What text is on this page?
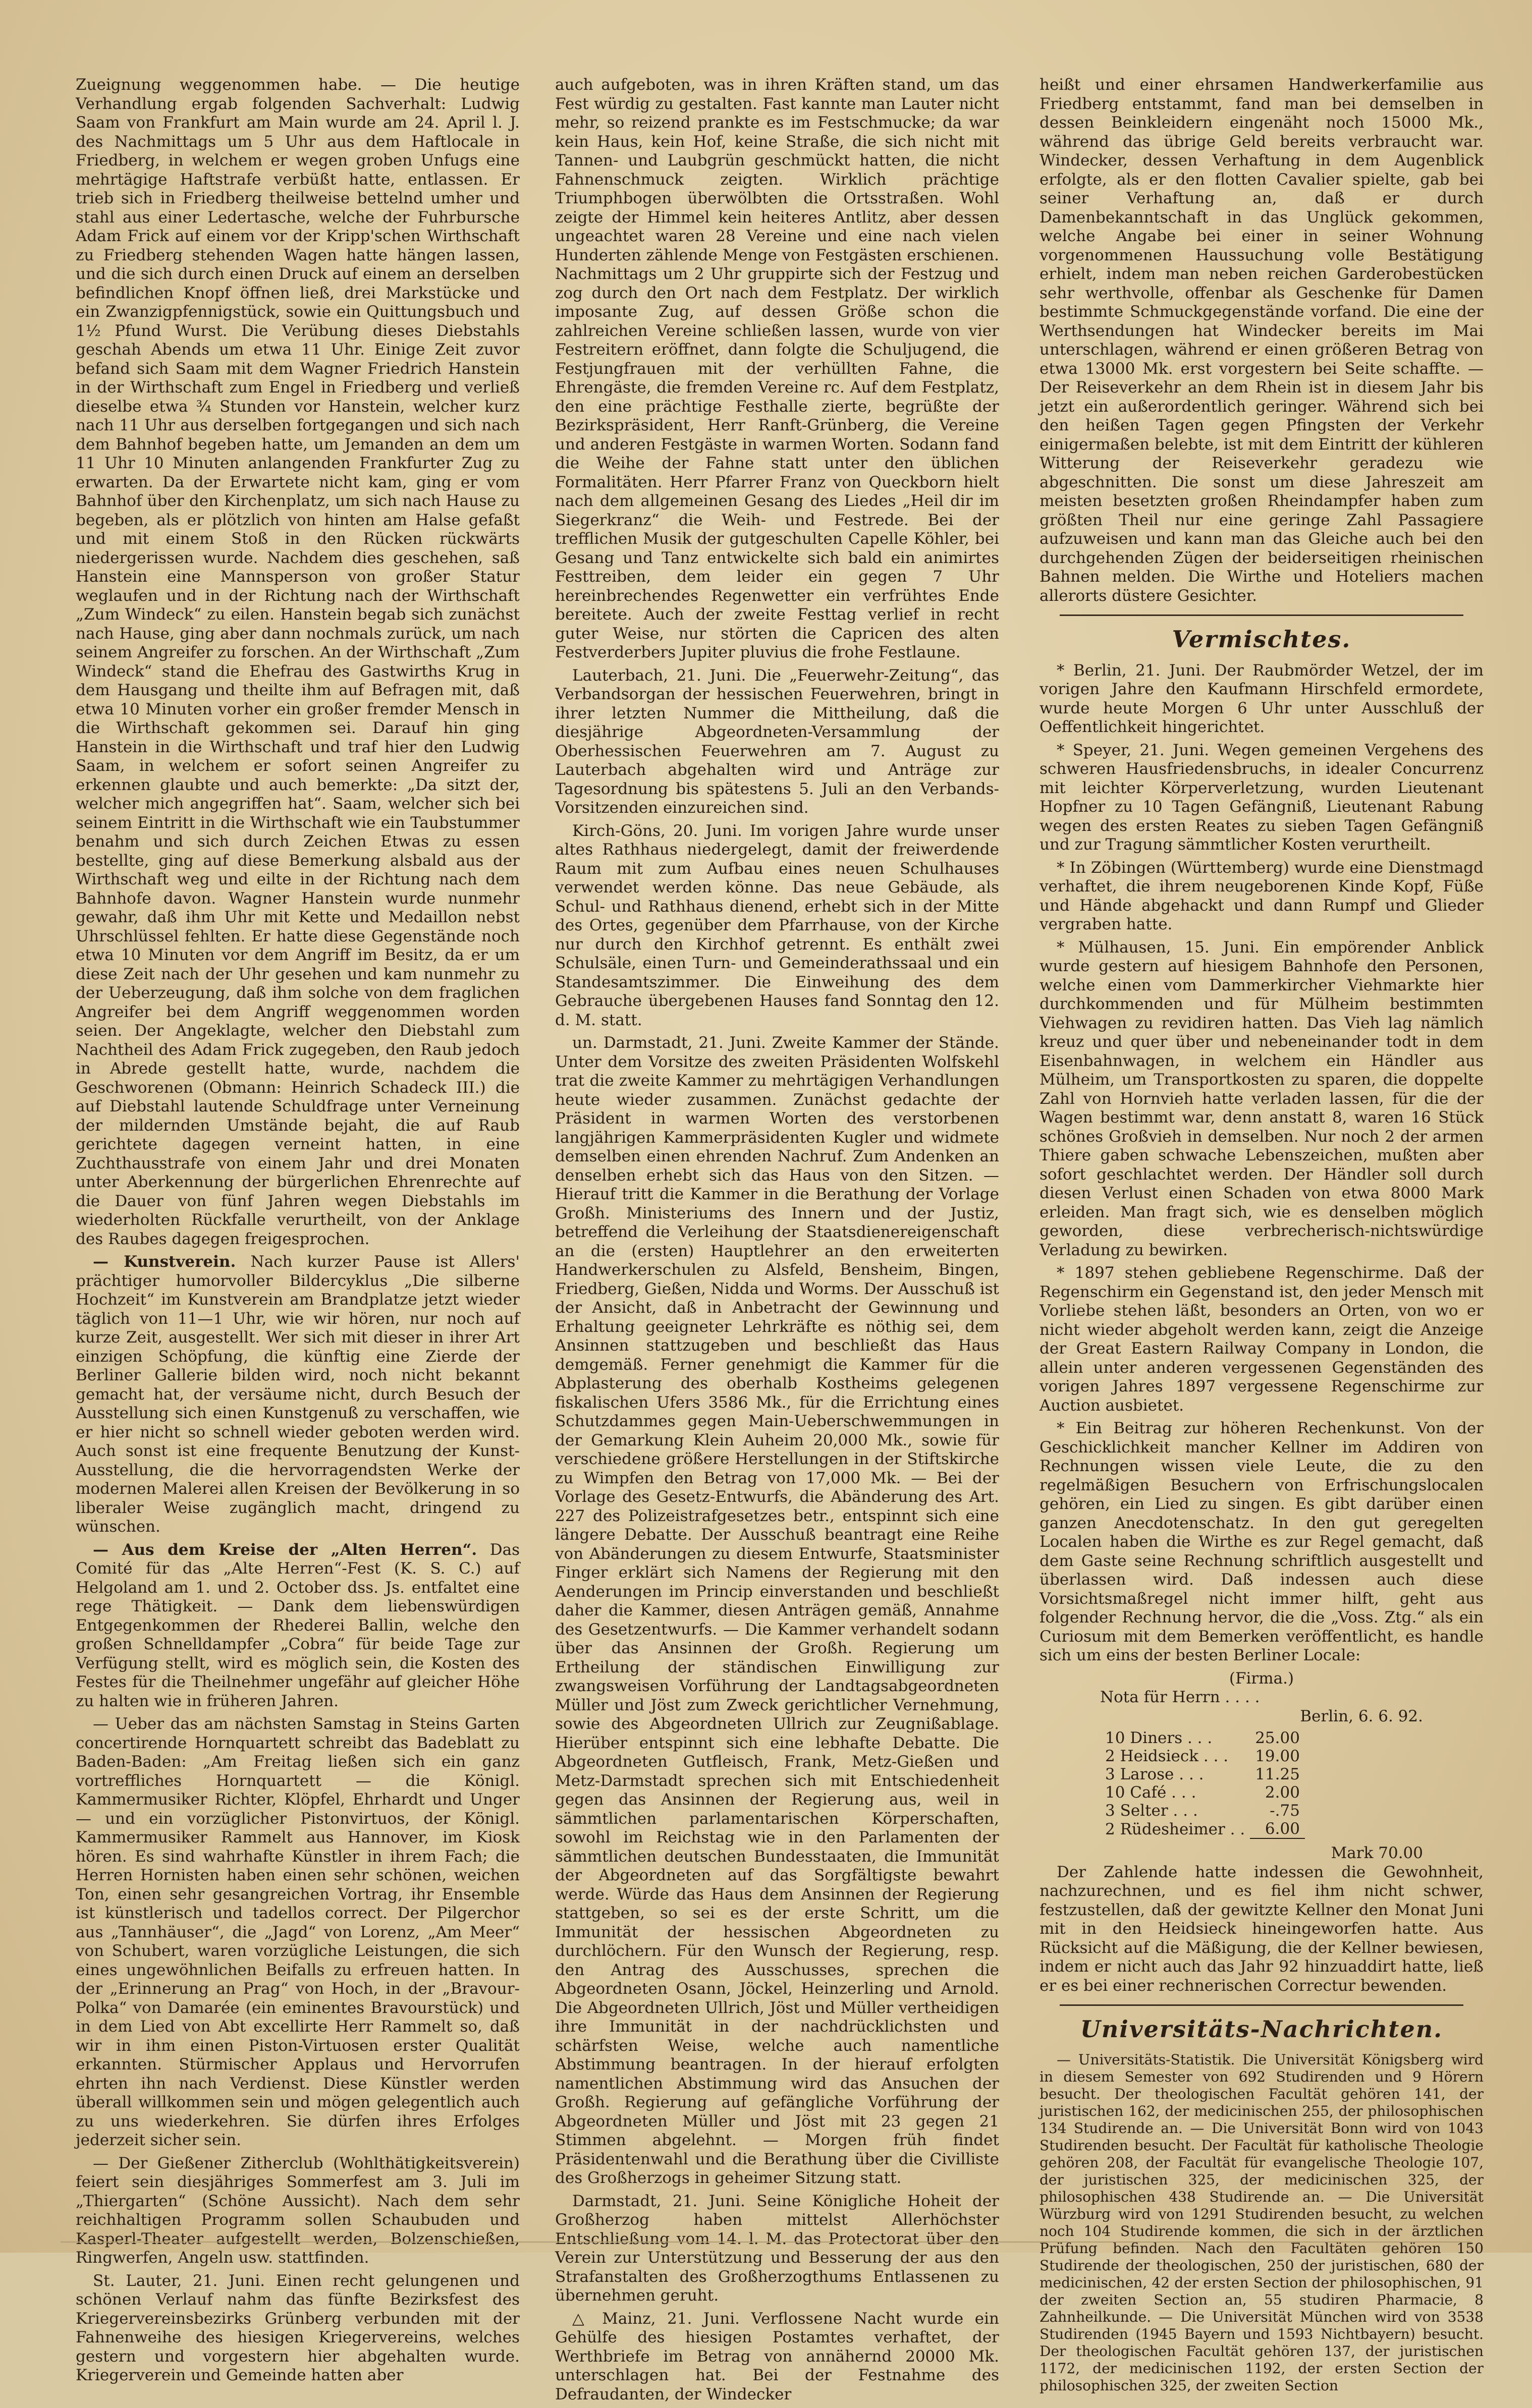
Zueignung weggenommen habe. — Die heutige Verhandlung ergab folgenden Sachverhalt: Ludwig Saam von Frankfurt am Main wurde am 24. April l. J. des Nachmittags um 5 Uhr aus dem Haftlocale in Friedberg, in welchem er wegen groben Unfugs eine mehrtägige Haftstrafe verbüßt hatte, entlassen. Er trieb sich in Friedberg theilweise bettelnd umher und stahl aus einer Ledertasche, welche der Fuhrbursche Adam Frick auf einem vor der Kripp'schen Wirthschaft zu Friedberg stehenden Wagen hatte hängen lassen, und die sich durch einen Druck auf einem an derselben befindlichen Knopf öffnen ließ, drei Markstücke und ein Zwanzigpfennigstück, sowie ein Quittungsbuch und 1½ Pfund Wurst. Die Verübung dieses Diebstahls geschah Abends um etwa 11 Uhr. Einige Zeit zuvor befand sich Saam mit dem Wagner Friedrich Hanstein in der Wirthschaft zum Engel in Friedberg und verließ dieselbe etwa ¾ Stunden vor Hanstein, welcher kurz nach 11 Uhr aus derselben fortgegangen und sich nach dem Bahnhof begeben hatte, um Jemanden an dem um 11 Uhr 10 Minuten anlangenden Frankfurter Zug zu erwarten. Da der Erwartete nicht kam, ging er vom Bahnhof über den Kirchenplatz, um sich nach Hause zu begeben, als er plötzlich von hinten am Halse gefaßt und mit einem Stoß in den Rücken rückwärts niedergerissen wurde. Nachdem dies geschehen, saß Hanstein eine Mannsperson von großer Statur weglaufen und in der Richtung nach der Wirthschaft „Zum Windeck“ zu eilen. Hanstein begab sich zunächst nach Hause, ging aber dann nochmals zurück, um nach seinem Angreifer zu forschen. An der Wirthschaft „Zum Windeck“ stand die Ehefrau des Gastwirths Krug in dem Hausgang und theilte ihm auf Befragen mit, daß etwa 10 Minuten vorher ein großer fremder Mensch in die Wirthschaft gekommen sei. Darauf hin ging Hanstein in die Wirthschaft und traf hier den Ludwig Saam, in welchem er sofort seinen Angreifer zu erkennen glaubte und auch bemerkte: „Da sitzt der, welcher mich angegriffen hat“. Saam, welcher sich bei seinem Eintritt in die Wirthschaft wie ein Taubstummer benahm und sich durch Zeichen Etwas zu essen bestellte, ging auf diese Bemerkung alsbald aus der Wirthschaft weg und eilte in der Richtung nach dem Bahnhofe davon. Wagner Hanstein wurde nunmehr gewahr, daß ihm Uhr mit Kette und Medaillon nebst Uhrschlüssel fehlten. Er hatte diese Gegenstände noch etwa 10 Minuten vor dem Angriff im Besitz, da er um diese Zeit nach der Uhr gesehen und kam nunmehr zu der Ueberzeugung, daß ihm solche von dem fraglichen Angreifer bei dem Angriff weggenommen worden seien. Der Angeklagte, welcher den Diebstahl zum Nachtheil des Adam Frick zugegeben, den Raub jedoch in Abrede gestellt hatte, wurde, nachdem die Geschworenen (Obmann: Heinrich Schadeck III.) die auf Diebstahl lautende Schuldfrage unter Verneinung der mildernden Umstände bejaht, die auf Raub gerichtete dagegen verneint hatten, in eine Zuchthausstrafe von einem Jahr und drei Monaten unter Aberkennung der bürgerlichen Ehrenrechte auf die Dauer von fünf Jahren wegen Diebstahls im wiederholten Rückfalle verurtheilt, von der Anklage des Raubes dagegen freigesprochen.

— Kunstverein. Nach kurzer Pause ist Allers' prächtiger humorvoller Bildercyklus „Die silberne Hochzeit“ im Kunstverein am Brandplatze jetzt wieder täglich von 11—1 Uhr, wie wir hören, nur noch auf kurze Zeit, ausgestellt. Wer sich mit dieser in ihrer Art einzigen Schöpfung, die künftig eine Zierde der Berliner Gallerie bilden wird, noch nicht bekannt gemacht hat, der versäume nicht, durch Besuch der Ausstellung sich einen Kunstgenuß zu verschaffen, wie er hier nicht so schnell wieder geboten werden wird. Auch sonst ist eine frequente Benutzung der Kunst-Ausstellung, die die hervorragendsten Werke der modernen Malerei allen Kreisen der Bevölkerung in so liberaler Weise zugänglich macht, dringend zu wünschen.

— Aus dem Kreise der „Alten Herren“. Das Comité für das „Alte Herren“-Fest (K. S. C.) auf Helgoland am 1. und 2. October dss. Js. entfaltet eine rege Thätigkeit. — Dank dem liebenswürdigen Entgegenkommen der Rhederei Ballin, welche den großen Schnelldampfer „Cobra“ für beide Tage zur Verfügung stellt, wird es möglich sein, die Kosten des Festes für die Theilnehmer ungefähr auf gleicher Höhe zu halten wie in früheren Jahren.

— Ueber das am nächsten Samstag in Steins Garten concertirende Hornquartett schreibt das Badeblatt zu Baden-Baden: „Am Freitag ließen sich ein ganz vortreffliches Hornquartett — die Königl. Kammermusiker Richter, Klöpfel, Ehrhardt und Unger — und ein vorzüglicher Pistonvirtuos, der Königl. Kammermusiker Rammelt aus Hannover, im Kiosk hören. Es sind wahrhafte Künstler in ihrem Fach; die Herren Hornisten haben einen sehr schönen, weichen Ton, einen sehr gesangreichen Vortrag, ihr Ensemble ist künstlerisch und tadellos correct. Der Pilgerchor aus „Tannhäuser“, die „Jagd“ von Lorenz, „Am Meer“ von Schubert, waren vorzügliche Leistungen, die sich eines ungewöhnlichen Beifalls zu erfreuen hatten. In der „Erinnerung an Prag“ von Hoch, in der „Bravour-Polka“ von Damarée (ein eminentes Bravourstück) und in dem Lied von Abt excellirte Herr Rammelt so, daß wir in ihm einen Piston-Virtuosen erster Qualität erkannten. Stürmischer Applaus und Hervorrufen ehrten ihn nach Verdienst. Diese Künstler werden überall willkommen sein und mögen gelegentlich auch zu uns wiederkehren. Sie dürfen ihres Erfolges jederzeit sicher sein.

— Der Gießener Zitherclub (Wohlthätigkeitsverein) feiert sein diesjähriges Sommerfest am 3. Juli im „Thiergarten“ (Schöne Aussicht). Nach dem sehr reichhaltigen Programm sollen Schaubuden und Kasperl-Theater aufgestellt werden, Bolzenschießen, Ringwerfen, Angeln usw. stattfinden.

St. Lauter, 21. Juni. Einen recht gelungenen und schönen Verlauf nahm das fünfte Bezirksfest des Kriegervereinsbezirks Grünberg verbunden mit der Fahnenweihe des hiesigen Kriegervereins, welches gestern und vorgestern hier abgehalten wurde. Kriegerverein und Gemeinde hatten aber

auch aufgeboten, was in ihren Kräften stand, um das Fest würdig zu gestalten. Fast kannte man Lauter nicht mehr, so reizend prankte es im Festschmucke; da war kein Haus, kein Hof, keine Straße, die sich nicht mit Tannen- und Laubgrün geschmückt hatten, die nicht Fahnenschmuck zeigten. Wirklich prächtige Triumphbogen überwölbten die Ortsstraßen. Wohl zeigte der Himmel kein heiteres Antlitz, aber dessen ungeachtet waren 28 Vereine und eine nach vielen Hunderten zählende Menge von Festgästen erschienen. Nachmittags um 2 Uhr gruppirte sich der Festzug und zog durch den Ort nach dem Festplatz. Der wirklich imposante Zug, auf dessen Größe schon die zahlreichen Vereine schließen lassen, wurde von vier Festreitern eröffnet, dann folgte die Schuljugend, die Festjungfrauen mit der verhüllten Fahne, die Ehrengäste, die fremden Vereine rc. Auf dem Festplatz, den eine prächtige Festhalle zierte, begrüßte der Bezirkspräsident, Herr Ranft-Grünberg, die Vereine und anderen Festgäste in warmen Worten. Sodann fand die Weihe der Fahne statt unter den üblichen Formalitäten. Herr Pfarrer Franz von Queckborn hielt nach dem allgemeinen Gesang des Liedes „Heil dir im Siegerkranz“ die Weih- und Festrede. Bei der trefflichen Musik der gutgeschulten Capelle Köhler, bei Gesang und Tanz entwickelte sich bald ein animirtes Festtreiben, dem leider ein gegen 7 Uhr hereinbrechendes Regenwetter ein verfrühtes Ende bereitete. Auch der zweite Festtag verlief in recht guter Weise, nur störten die Capricen des alten Festverderbers Jupiter pluvius die frohe Festlaune.

Lauterbach, 21. Juni. Die „Feuerwehr-Zeitung“, das Verbandsorgan der hessischen Feuerwehren, bringt in ihrer letzten Nummer die Mittheilung, daß die diesjährige Abgeordneten-Versammlung der Oberhessischen Feuerwehren am 7. August zu Lauterbach abgehalten wird und Anträge zur Tagesordnung bis spätestens 5. Juli an den Verbands-Vorsitzenden einzureichen sind.

Kirch-Göns, 20. Juni. Im vorigen Jahre wurde unser altes Rathhaus niedergelegt, damit der freiwerdende Raum mit zum Aufbau eines neuen Schulhauses verwendet werden könne. Das neue Gebäude, als Schul- und Rathhaus dienend, erhebt sich in der Mitte des Ortes, gegenüber dem Pfarrhause, von der Kirche nur durch den Kirchhof getrennt. Es enthält zwei Schulsäle, einen Turn- und Gemeinderathssaal und ein Standesamtszimmer. Die Einweihung des dem Gebrauche übergebenen Hauses fand Sonntag den 12. d. M. statt.

un. Darmstadt, 21. Juni. Zweite Kammer der Stände. Unter dem Vorsitze des zweiten Präsidenten Wolfskehl trat die zweite Kammer zu mehrtägigen Verhandlungen heute wieder zusammen. Zunächst gedachte der Präsident in warmen Worten des verstorbenen langjährigen Kammerpräsidenten Kugler und widmete demselben einen ehrenden Nachruf. Zum Andenken an denselben erhebt sich das Haus von den Sitzen. — Hierauf tritt die Kammer in die Berathung der Vorlage Großh. Ministeriums des Innern und der Justiz, betreffend die Verleihung der Staatsdienereigenschaft an die (ersten) Hauptlehrer an den erweiterten Handwerkerschulen zu Alsfeld, Bensheim, Bingen, Friedberg, Gießen, Nidda und Worms. Der Ausschuß ist der Ansicht, daß in Anbetracht der Gewinnung und Erhaltung geeigneter Lehrkräfte es nöthig sei, dem Ansinnen stattzugeben und beschließt das Haus demgemäß. Ferner genehmigt die Kammer für die Abplasterung des oberhalb Kostheims gelegenen fiskalischen Ufers 3586 Mk., für die Errichtung eines Schutzdammes gegen Main-Ueberschwemmungen in der Gemarkung Klein Auheim 20,000 Mk., sowie für verschiedene größere Herstellungen in der Stiftskirche zu Wimpfen den Betrag von 17,000 Mk. — Bei der Vorlage des Gesetz-Entwurfs, die Abänderung des Art. 227 des Polizeistrafgesetzes betr., entspinnt sich eine längere Debatte. Der Ausschuß beantragt eine Reihe von Abänderungen zu diesem Entwurfe, Staatsminister Finger erklärt sich Namens der Regierung mit den Aenderungen im Princip einverstanden und beschließt daher die Kammer, diesen Anträgen gemäß, Annahme des Gesetzentwurfs. — Die Kammer verhandelt sodann über das Ansinnen der Großh. Regierung um Ertheilung der ständischen Einwilligung zur zwangsweisen Vorführung der Landtagsabgeordneten Müller und Jöst zum Zweck gerichtlicher Vernehmung, sowie des Abgeordneten Ullrich zur Zeugnißablage. Hierüber entspinnt sich eine lebhafte Debatte. Die Abgeordneten Gutfleisch, Frank, Metz-Gießen und Metz-Darmstadt sprechen sich mit Entschiedenheit gegen das Ansinnen der Regierung aus, weil in sämmtlichen parlamentarischen Körperschaften, sowohl im Reichstag wie in den Parlamenten der sämmtlichen deutschen Bundesstaaten, die Immunität der Abgeordneten auf das Sorgfältigste bewahrt werde. Würde das Haus dem Ansinnen der Regierung stattgeben, so sei es der erste Schritt, um die Immunität der hessischen Abgeordneten zu durchlöchern. Für den Wunsch der Regierung, resp. den Antrag des Ausschusses, sprechen die Abgeordneten Osann, Jöckel, Heinzerling und Arnold. Die Abgeordneten Ullrich, Jöst und Müller vertheidigen ihre Immunität in der nachdrücklichsten und schärfsten Weise, welche auch namentliche Abstimmung beantragen. In der hierauf erfolgten namentlichen Abstimmung wird das Ansuchen der Großh. Regierung auf gefängliche Vorführung der Abgeordneten Müller und Jöst mit 23 gegen 21 Stimmen abgelehnt. — Morgen früh findet Präsidentenwahl und die Berathung über die Civilliste des Großherzogs in geheimer Sitzung statt.

Darmstadt, 21. Juni. Seine Königliche Hoheit der Großherzog haben mittelst Allerhöchster Entschließung vom 14. l. M. das Protectorat über den Verein zur Unterstützung und Besserung der aus den Strafanstalten des Großherzogthums Entlassenen zu übernehmen geruht.

△ Mainz, 21. Juni. Verflossene Nacht wurde ein Gehülfe des hiesigen Postamtes verhaftet, der Werthbriefe im Betrag von annähernd 20000 Mk. unterschlagen hat. Bei der Festnahme des Defraudanten, der Windecker

heißt und einer ehrsamen Handwerkerfamilie aus Friedberg entstammt, fand man bei demselben in dessen Beinkleidern eingenäht noch 15000 Mk., während das übrige Geld bereits verbraucht war. Windecker, dessen Verhaftung in dem Augenblick erfolgte, als er den flotten Cavalier spielte, gab bei seiner Verhaftung an, daß er durch Damenbekanntschaft in das Unglück gekommen, welche Angabe bei einer in seiner Wohnung vorgenommenen Haussuchung volle Bestätigung erhielt, indem man neben reichen Garderobestücken sehr werthvolle, offenbar als Geschenke für Damen bestimmte Schmuckgegenstände vorfand. Die eine der Werthsendungen hat Windecker bereits im Mai unterschlagen, während er einen größeren Betrag von etwa 13000 Mk. erst vorgestern bei Seite schaffte. — Der Reiseverkehr an dem Rhein ist in diesem Jahr bis jetzt ein außerordentlich geringer. Während sich bei den heißen Tagen gegen Pfingsten der Verkehr einigermaßen belebte, ist mit dem Eintritt der kühleren Witterung der Reiseverkehr geradezu wie abgeschnitten. Die sonst um diese Jahreszeit am meisten besetzten großen Rheindampfer haben zum größten Theil nur eine geringe Zahl Passagiere aufzuweisen und kann man das Gleiche auch bei den durchgehenden Zügen der beiderseitigen rheinischen Bahnen melden. Die Wirthe und Hoteliers machen allerorts düstere Gesichter.

Vermischtes.

* Berlin, 21. Juni. Der Raubmörder Wetzel, der im vorigen Jahre den Kaufmann Hirschfeld ermordete, wurde heute Morgen 6 Uhr unter Ausschluß der Oeffentlichkeit hingerichtet.

* Speyer, 21. Juni. Wegen gemeinen Vergehens des schweren Hausfriedensbruchs, in idealer Concurrenz mit leichter Körperverletzung, wurden Lieutenant Hopfner zu 10 Tagen Gefängniß, Lieutenant Rabung wegen des ersten Reates zu sieben Tagen Gefängniß und zur Tragung sämmtlicher Kosten verurtheilt.

* In Zöbingen (Württemberg) wurde eine Dienstmagd verhaftet, die ihrem neugeborenen Kinde Kopf, Füße und Hände abgehackt und dann Rumpf und Glieder vergraben hatte.

* Mülhausen, 15. Juni. Ein empörender Anblick wurde gestern auf hiesigem Bahnhofe den Personen, welche einen vom Dammerkircher Viehmarkte hier durchkommenden und für Mülheim bestimmten Viehwagen zu revidiren hatten. Das Vieh lag nämlich kreuz und quer über und nebeneinander todt in dem Eisenbahnwagen, in welchem ein Händler aus Mülheim, um Transportkosten zu sparen, die doppelte Zahl von Hornvieh hatte verladen lassen, für die der Wagen bestimmt war, denn anstatt 8, waren 16 Stück schönes Großvieh in demselben. Nur noch 2 der armen Thiere gaben schwache Lebenszeichen, mußten aber sofort geschlachtet werden. Der Händler soll durch diesen Verlust einen Schaden von etwa 8000 Mark erleiden. Man fragt sich, wie es denselben möglich geworden, diese verbrecherisch-nichtswürdige Verladung zu bewirken.

* 1897 stehen gebliebene Regenschirme. Daß der Regenschirm ein Gegenstand ist, den jeder Mensch mit Vorliebe stehen läßt, besonders an Orten, von wo er nicht wieder abgeholt werden kann, zeigt die Anzeige der Great Eastern Railway Company in London, die allein unter anderen vergessenen Gegenständen des vorigen Jahres 1897 vergessene Regenschirme zur Auction ausbietet.

* Ein Beitrag zur höheren Rechenkunst. Von der Geschicklichkeit mancher Kellner im Addiren von Rechnungen wissen viele Leute, die zu den regelmäßigen Besuchern von Erfrischungslocalen gehören, ein Lied zu singen. Es gibt darüber einen ganzen Anecdotenschatz. In den gut geregelten Localen haben die Wirthe es zur Regel gemacht, daß dem Gaste seine Rechnung schriftlich ausgestellt und überlassen wird. Daß indessen auch diese Vorsichtsmaßregel nicht immer hilft, geht aus folgender Rechnung hervor, die die „Voss. Ztg.“ als ein Curiosum mit dem Bemerken veröffentlicht, es handle sich um eins der besten Berliner Locale:

(Firma.)
Nota für Herrn . . . .
Berlin, 6. 6. 92.
10 Diners . . .	25.00
2 Heidsieck . . .	19.00
3 Larose . . .	11.25
10 Café . . .	2.00
3 Selter . . .	-.75
2 Rüdesheimer . .	6.00
Mark 70.00

Der Zahlende hatte indessen die Gewohnheit, nachzurechnen, und es fiel ihm nicht schwer, festzustellen, daß der gewitzte Kellner den Monat Juni mit in den Heidsieck hineingeworfen hatte. Aus Rücksicht auf die Mäßigung, die der Kellner bewiesen, indem er nicht auch das Jahr 92 hinzuaddirt hatte, ließ er es bei einer rechnerischen Correctur bewenden.

Universitäts-Nachrichten.

— Universitäts-Statistik. Die Universität Königsberg wird in diesem Semester von 692 Studirenden und 9 Hörern besucht. Der theologischen Facultät gehören 141, der juristischen 162, der medicinischen 255, der philosophischen 134 Studirende an. — Die Universität Bonn wird von 1043 Studirenden besucht. Der Facultät für katholische Theologie gehören 208, der Facultät für evangelische Theologie 107, der juristischen 325, der medicinischen 325, der philosophischen 438 Studirende an. — Die Universität Würzburg wird von 1291 Studirenden besucht, zu welchen noch 104 Studirende kommen, die sich in der ärztlichen Prüfung befinden. Nach den Facultäten gehören 150 Studirende der theologischen, 250 der juristischen, 680 der medicinischen, 42 der ersten Section der philosophischen, 91 der zweiten Section an, 55 studiren Pharmacie, 8 Zahnheilkunde. — Die Universität München wird von 3538 Studirenden (1945 Bayern und 1593 Nichtbayern) besucht. Der theologischen Facultät gehören 137, der juristischen 1172, der medicinischen 1192, der ersten Section der philosophischen 325, der zweiten Section
